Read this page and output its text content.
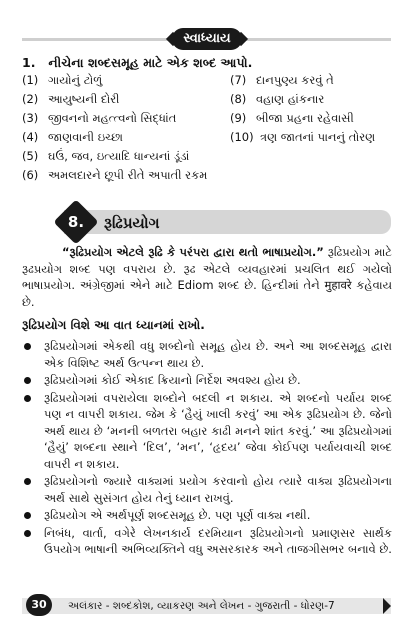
સ્વાધ્યાય
1. નીચેના શબ્દસમૂહ માટે એક શબ્દ આપો.
(1) ગાયોનું ટોળું	(7) દાનપુણ્ય કરવું તે
(2) આયુષ્યની દોરી	(8) વહાણ હાંકનાર
(3) જીવનનો મહત્ત્વનો સિદ્ધાંત	(9) બીજા પ્રહના રહેવાસી
(4) જાણવાની ઇચ્છા	(10) ત્રણ જાતનાં પાનનું તોરણ
(5) ઘઉં, જવ, ઇત્યાદિ ધાન્યનાં ડૂંડાં
(6) અમલદારને છૂપી રીતે અપાતી રકમ
8.	રૂઢિપ્રયોગ
“રૂઢિપ્રયોગ એટલે રૂઢિ કે પરંપરા દ્વારા થતો ભાષાપ્રયોગ.” રૂઢિપ્રયોગ માટે રૂઢપ્રયોગ શબ્દ પણ વપરાય છે. રૂઢ એટલે વ્યવહારમાં પ્રચલિત થઈ ગયેલો ભાષાપ્રયોગ. અંગ્રેજીમાં એને માટે Ediom શબ્દ છે. હિન્દીમાં તેને मुहावरे કહેવાય છે.
રૂઢિપ્રયોગ વિશે આ વાત ધ્યાનમાં રાખો.
રૂઢિપ્રયોગમાં એકથી વધુ શબ્દોનો સમૂહ હોય છે. અને આ શબ્દસમૂહ દ્વારા એક વિશિષ્ટ અર્થ ઉત્પન્ન થાય છે.
રૂઢિપ્રયોગમાં કોઈ એકાદ ક્રિયાનો નિર્દેશ અવશ્ય હોય છે.
રૂઢિપ્રયોગમાં વપરાયેલા શબ્દોને બદલી ન શકાય. એ શબ્દનો પર્યાય શબ્દ પણ ન વાપરી શકાય. જેમ કે ‘હૈયું ખાલી કરવું’ આ એક રૂઢિપ્રયોગ છે. જેનો અર્થ થાય છે ‘મનની બળતરા બહાર કાઢી મનને શાંત કરવું.’ આ રૂઢિપ્રયોગમાં ‘હૈયું’ શબ્દના સ્થાને ‘દિલ’, ‘મન’, ‘હૃદય’ જેવા કોઈપણ પર્યાયવાચી શબ્દ વાપરી ન શકાય.
રૂઢિપ્રયોગનો જ્યારે વાક્યમાં પ્રયોગ કરવાનો હોય ત્યારે વાક્ય રૂઢિપ્રયોગના અર્થ સાથે સુસંગત હોય તેનું ધ્યાન રાખવું.
રૂઢિપ્રયોગ એ અર્થપૂર્ણ શબ્દસમૂહ છે. પણ પૂર્ણ વાક્ય નથી.
નિબંધ, વાર્તા, વગેરે લેખનકાર્ય દરમિયાન રૂઢિપ્રયોગનો પ્રમાણસર સાર્થક ઉપયોગ ભાષાની અભિવ્યક્તિને વધુ અસરકારક અને તાજગીસભર બનાવે છે.
30	અલંકાર - શબ્દકોશ, વ્યાકરણ અને લેખન - ગુજરાતી - ધોરણ-7
